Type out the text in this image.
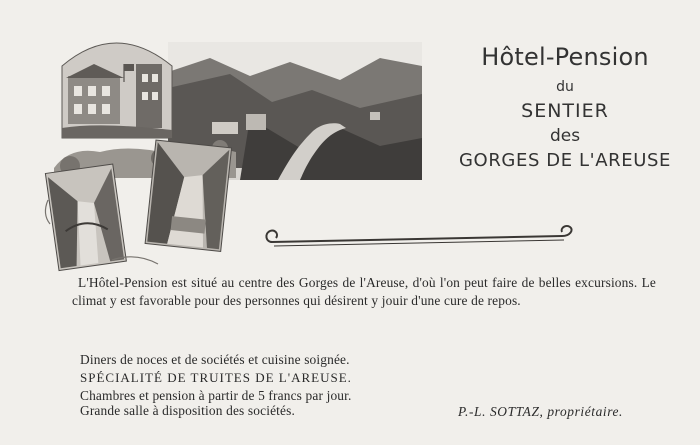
Hôtel-Pension
du
SENTIER
des
GORGES DE L'AREUSE
L'Hôtel-Pension est situé au centre des Gorges de l'Areuse, d'où l'on peut faire de belles excursions. Le climat y est favorable pour des personnes qui désirent y jouir d'une cure de repos.
Diners de noces et de sociétés et cuisine soignée.
SPÉCIALITÉ DE TRUITES DE L'AREUSE.
Chambres et pension à partir de 5 francs par jour.
Grande salle à disposition des sociétés.	P.-L. SOTTAZ, propriétaire.
